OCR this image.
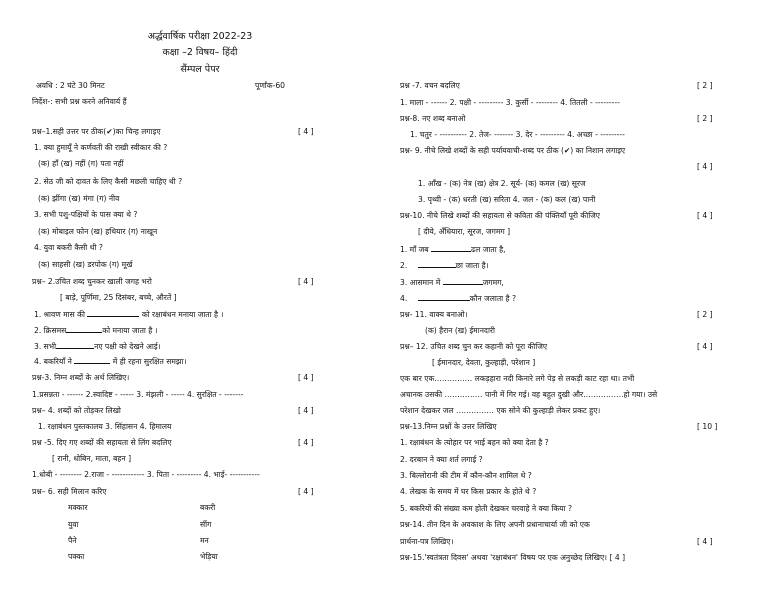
अर्द्धवार्षिक परीक्षा 2022-23
कक्षा –2 विषय– हिंदी
सैंम्पल पेपर
अवधि : 2 घंटे 30 मिनट	पूर्णांक-60
निर्देश-: सभी प्रश्न करने अनिवार्य हैं
प्रश्न–1.सही उत्तर पर ठीक(✔)का चिन्ह लगाइए	[ 4 ]
1. क्या हुमायूँ ने कर्णवती की राखी स्वीकार की ?
(क) हाँ (ख) नहीं (ग) पता नहीं
2. सेठ जी को दावत के लिए कैसी मछली चाहिए थी ?
(क) झींगा (ख) मंगा (ग) नीव
3. सभी पशु-पक्षियों के पास क्या थे ?
(क) मोबाइल फोन (ख) हथियार (ग) नाखून
4. युवा बकरी कैसी थी ?
(क) साहसी (ख) डरपोक (ग) मूर्ख
प्रश्न– 2.उचित शब्द चुनकर खाली जगह भरो	[ 4 ]
[ बाड़े, पूर्णिमा, 25 दिसंबर, बच्चे, औरतें ]
1. श्रावण मास की	को रक्षाबंधन मनाया जाता है ।
2. क्रिसमस	को मनाया जाता है ।
3. सभी	नए पक्षी को देखने आई।
4. बकरियाँ ने	में ही रहना सुरक्षित समझा।
प्रश्न-3. निम्न शब्दों के अर्थ लिखिए।	[ 4 ]
1.प्रसन्नता - ------ 2.स्वादिष्ट - ----- 3. मंझली - ----- 4. सुरक्षित - -------
प्रश्न– 4. शब्दों को तोड़कर लिखो	[ 4 ]
1. रक्षाबंधन पुस्तकालय 3. सिंहासन 4. हिमालय
प्रश्न -5. दिए गए शब्दों की सहायता से लिंग बदलिए	[ 4 ]
[ रानी, धोबिन, माता, बहन ]
1.धोबी - -------- 2.राजा - ------------ 3. पिता - --------- 4. भाई- -----------
प्रश्न– 6. सही मिलान करिए	[ 4 ]
मक्कार	बकरी
युवा	सींग
पैने	मन
पक्का	भेड़िया
प्रश्न -7. वचन बदलिए	[ 2 ]
1. माला - ------ 2. पक्षी - --------- 3. कुर्सी - -------- 4. तितली - ---------
प्रश्न-8. नए शब्द बनाओ	[ 2 ]
1. चतुर - ---------- 2. तेज- ------- 3. देर - --------- 4. अच्छा - ---------
प्रश्न- 9. नीचे लिखे शब्दों के सही पर्यायवाची-शब्द पर ठीक (✔) का निशान लगाइए
[ 4 ]
1. आँख - (क) नेत्र (ख) क्षेत्र 2. सूर्य- (क) कमल (ख) सूरज
3. पृथ्वी - (क) धरती (ख) सरिता 4. जल - (क) कल (ख) पानी
प्रश्न-10. नीचे लिखे शब्दों की सहायता से कविता की पंक्तियाँ पूरी कीजिए	[ 4 ]
[ दीये, अँधियारा, सूरज, जगमग ]
1. माँ जब	ढल जाता है,
2.	छा जाता है।
3. आसमान में	जगमग,
4.	कौन जलाता है ?
प्रश्न- 11. वाक्य बनाओ।	[ 2 ]
(क) हैरान (ख) ईमानदारी
प्रश्न– 12. उचित शब्द चुन कर कहानी को पूरा कीजिए	[ 4 ]
[ ईमानदार, देवता, कुल्हाड़ी, परेशान ]
एक बार एक…………… लकड़हारा नदी किनारे लगे पेड़ से लकड़ी काट रहा था। तभी
अचानक उसकी …………… पानी में गिर गई। वह बहुत दुखी और…………….हो गया। उसे
परेशान देखकर जल …………… एक सोने की कुल्हाड़ी लेकर प्रकट हुए।
प्रश्न-13.निम्न प्रश्नों के उत्तर लिखिए	[ 10 ]
1. रक्षाबंधन के त्योहार पर भाई बहन को क्या देता है ?
2. दरबान ने क्या शर्त लगाई ?
3. बिल्लोरानी की टीम में कौन-कौन शामिल थे ?
4. लेखक के समय में घर किस प्रकार के होते थे ?
5. बकरियों की संख्या कम होती देखकर चरवाहे ने क्या किया ?
प्रश्न-14. तीन दिन के अवकाश के लिए अपनी प्रधानाचार्या जी को एक
प्रार्थना-पत्र लिखिए।	[ 4 ]
प्रश्न-15.'स्वतंत्रता दिवस' अथवा 'रक्षाबंधन' विषय पर एक अनुच्छेद लिखिए। [ 4 ]
